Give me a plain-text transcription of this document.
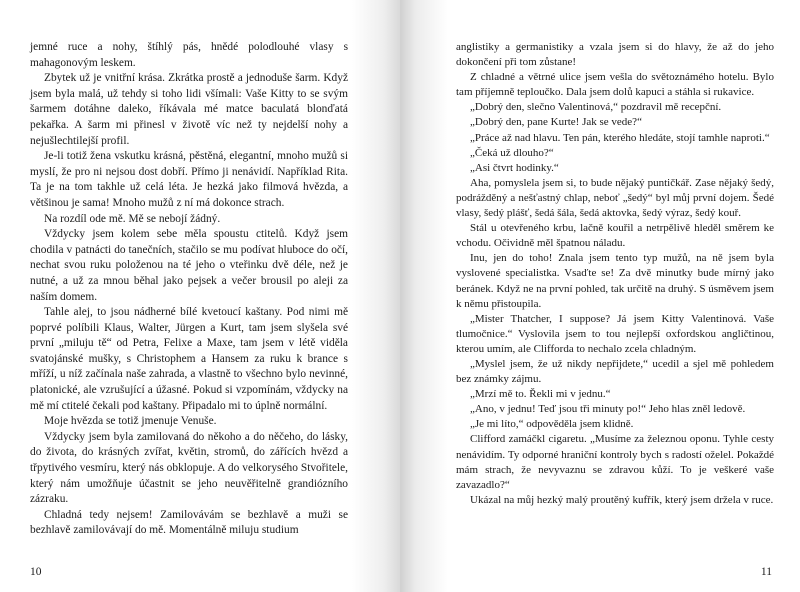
jemné ruce a nohy, štíhlý pás, hnědé polodlouhé vlasy s mahagonovým leskem.

Zbytek už je vnitřní krása. Zkrátka prostě a jednoduše šarm. Když jsem byla malá, už tehdy si toho lidi všímali: Vaše Kitty to se svým šarmem dotáhne daleko, říkávala mé matce baculatá blonďatá pekařka. A šarm mi přinesl v životě víc než ty nejdelší nohy a nejušlechtilejší profil.

Je-li totiž žena vskutku krásná, pěstěná, elegantní, mnoho mužů si myslí, že pro ni nejsou dost dobří. Přímo ji nenávidí. Například Rita. Ta je na tom takhle už celá léta. Je hezká jako filmová hvězda, a většinou je sama! Mnoho mužů z ní má dokonce strach.

Na rozdíl ode mě. Mě se nebojí žádný.

Vždycky jsem kolem sebe měla spoustu ctitelů. Když jsem chodila v patnácti do tanečních, stačilo se mu podívat hluboce do očí, nechat svou ruku položenou na té jeho o vteřinku dvě déle, než je nutné, a už za mnou běhal jako pejsek a večer brousil po aleji za naším domem.

Tahle alej, to jsou nádherné bílé kvetoucí kaštany. Pod nimi mě poprvé políbili Klaus, Walter, Jürgen a Kurt, tam jsem slyšela své první „miluju tě“ od Petra, Felixe a Maxe, tam jsem v létě viděla svatojánské mušky, s Christophem a Hansem za ruku k brance s mříží, u níž začínala naše zahrada, a vlastně to všechno bylo nevinné, platonické, ale vzrušující a úžasné. Pokud si vzpomínám, vždycky na mě mí ctitelé čekali pod kaštany. Připadalo mi to úplně normální.

Moje hvězda se totiž jmenuje Venuše.

Vždycky jsem byla zamilovaná do někoho a do něčeho, do lásky, do života, do krásných zvířat, květin, stromů, do zářících hvězd a třpytivého vesmíru, který nás obklopuje. A do velkorysého Stvořitele, který nám umožňuje účastnit se jeho neuvěřitelně grandiózního zázraku.

Chladná tedy nejsem! Zamilovávám se bezhlavě a muži se bezhlavě zamilovávají do mě. Momentálně miluju studium

10

anglistiky a germanistiky a vzala jsem si do hlavy, že až do jeho dokončení při tom zůstane!

Z chladné a větrné ulice jsem vešla do světoznámého hotelu. Bylo tam příjemně teploučko. Dala jsem dolů kapuci a stáhla si rukavice.

„Dobrý den, slečno Valentinová,“ pozdravil mě recepční.

„Dobrý den, pane Kurte! Jak se vede?“

„Práce až nad hlavu. Ten pán, kterého hledáte, stojí tamhle naproti.“

„Čeká už dlouho?“

„Asi čtvrt hodinky.“

Aha, pomyslela jsem si, to bude nějaký puntičkář. Zase nějaký šedý, podrážděný a nešťastný chlap, neboť „šedý“ byl můj první dojem. Šedé vlasy, šedý plášť, šedá šála, šedá aktovka, šedý výraz, šedý kouř.

Stál u otevřeného krbu, lačně kouřil a netrpělivě hleděl směrem ke vchodu. Očividně měl špatnou náladu.

Inu, jen do toho! Znala jsem tento typ mužů, na ně jsem byla vyslovené specialistka. Vsaďte se! Za dvě minutky bude mírný jako beránek. Když ne na první pohled, tak určitě na druhý. S úsměvem jsem k němu přistoupila.

„Mister Thatcher, I suppose? Já jsem Kitty Valentinová. Vaše tlumočnice.“ Vyslovila jsem to tou nejlepší oxfordskou angličtinou, kterou umím, ale Clifforda to nechalo zcela chladným.

„Myslel jsem, že už nikdy nepřijdete,“ ucedil a sjel mě pohledem bez známky zájmu.

„Mrzí mě to. Řekli mi v jednu.“

„Ano, v jednu! Teď jsou tři minuty po!“ Jeho hlas zněl ledově.

„Je mi líto,“ odpověděla jsem klidně.

Clifford zamáčkl cigaretu. „Musíme za železnou oponu. Tyhle cesty nenávidím. Ty odporné hraniční kontroly bych s radostí oželel. Pokaždé mám strach, že nevyvaznu se zdravou kůží. To je veškeré vaše zavazadlo?“

Ukázal na můj hezký malý proutěný kufřík, který jsem držela v ruce.

11
